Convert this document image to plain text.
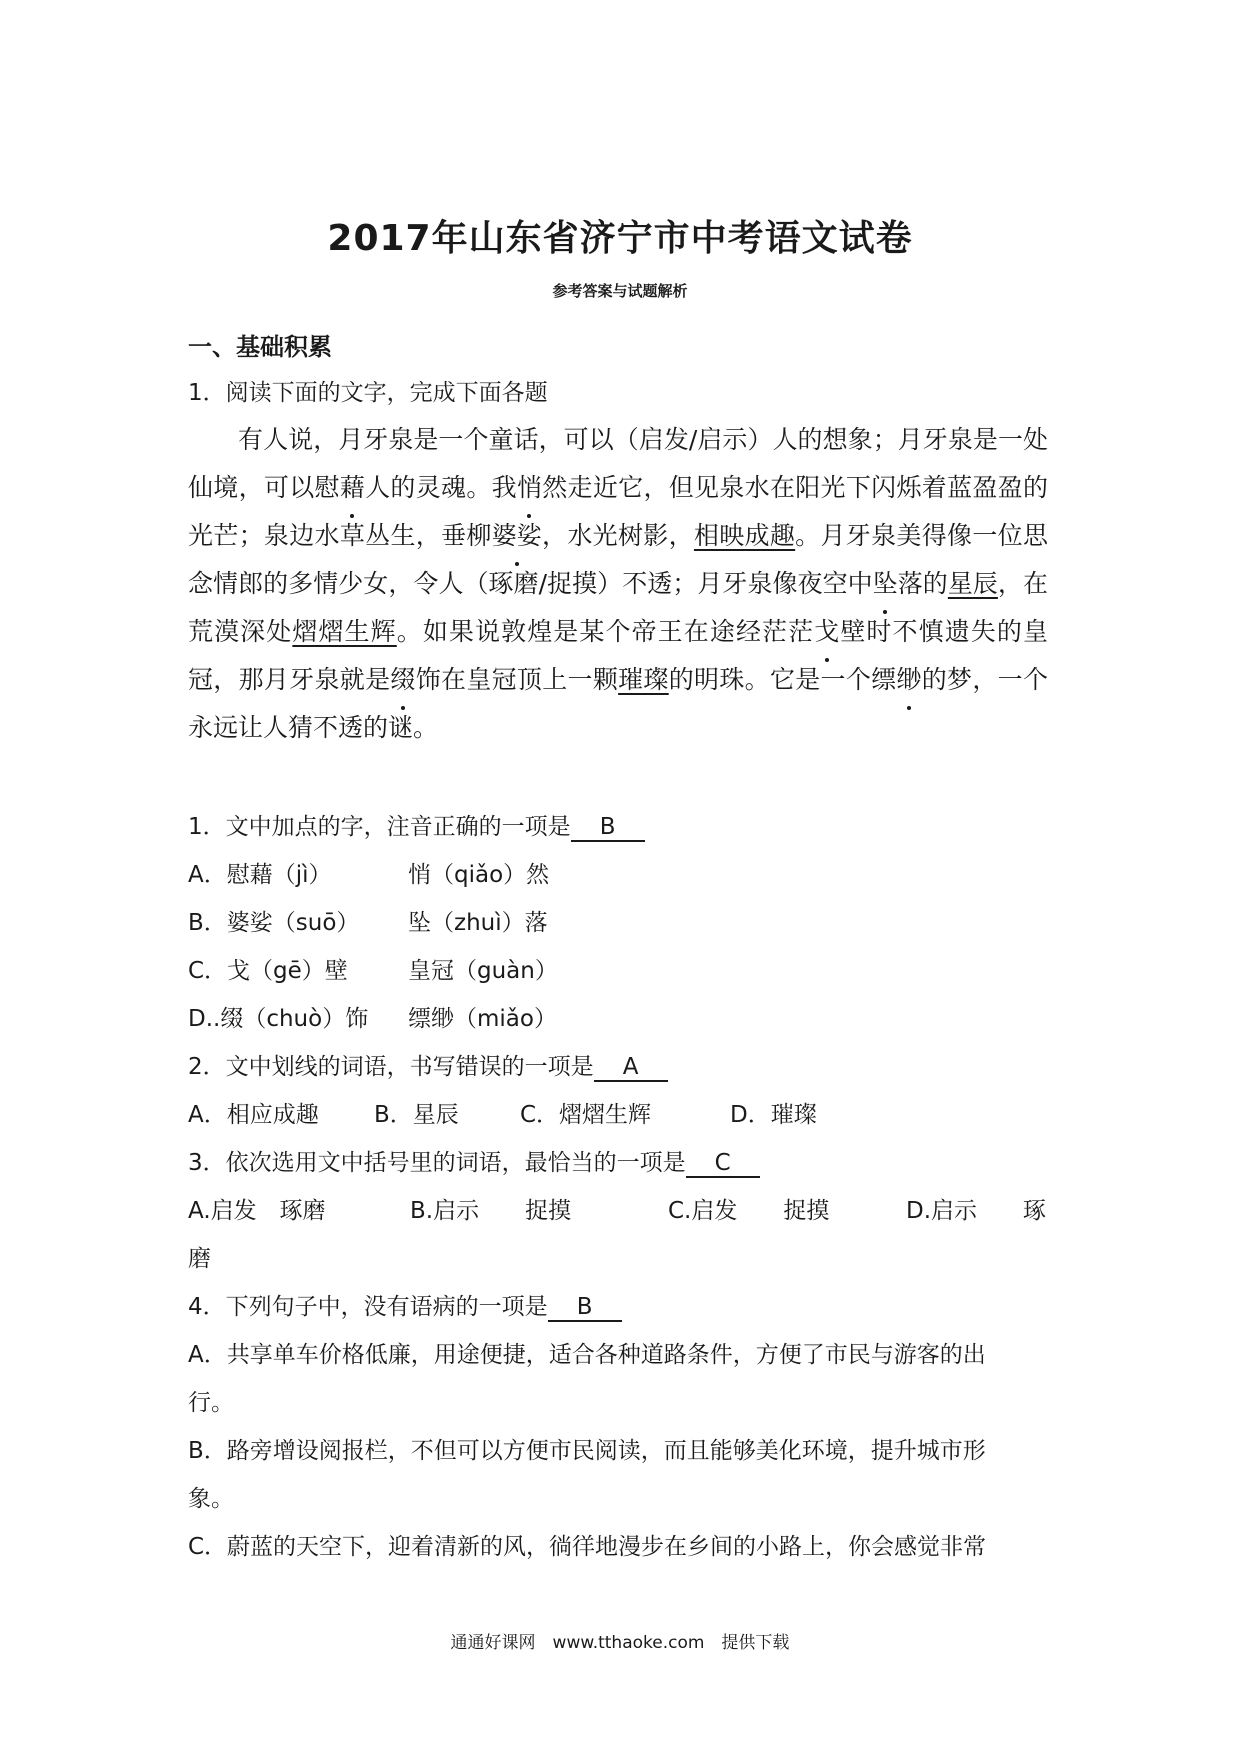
2017年山东省济宁市中考语文试卷
参考答案与试题解析
一、基础积累
1．阅读下面的文字，完成下面各题
有人说，月牙泉是一个童话，可以（启发/启示）人的想象；月牙泉是一处仙境，可以慰藉人的灵魂。我悄然走近它，但见泉水在阳光下闪烁着蓝盈盈的光芒；泉边水草丛生，垂柳婆娑，水光树影，相映成趣。月牙泉美得像一位思念情郎的多情少女，令人（琢磨/捉摸）不透；月牙泉像夜空中坠落的星辰，在荒漠深处熠熠生辉。如果说敦煌是某个帝王在途经茫茫戈壁时不慎遗失的皇冠，那月牙泉就是缀饰在皇冠顶上一颗璀璨的明珠。它是一个缥缈的梦，一个永远让人猜不透的谜。
1．文中加点的字，注音正确的一项是 B
A．慰藉（jì）	悄（qiǎo）然
B．婆娑（suō） 坠（zhuì）落
C．戈（gē）壁	皇冠（guàn）
D..缀（chuò）饰 缥缈（miǎo）
2．文中划线的词语，书写错误的一项是 A
A．相应成趣 B．星辰	C．熠熠生辉	D．璀璨
3．依次选用文中括号里的词语，最恰当的一项是 C
A.启发　琢磨	B.启示　　捉摸	C.启发　　捉摸	D.启示　　琢
磨
4．下列句子中，没有语病的一项是 B
A．共享单车价格低廉，用途便捷，适合各种道路条件，方便了市民与游客的出
行。
B．路旁增设阅报栏，不但可以方便市民阅读，而且能够美化环境，提升城市形
象。
C．蔚蓝的天空下，迎着清新的风，徜徉地漫步在乡间的小路上，你会感觉非常
通通好课网　www.tthaoke.com　提供下载
